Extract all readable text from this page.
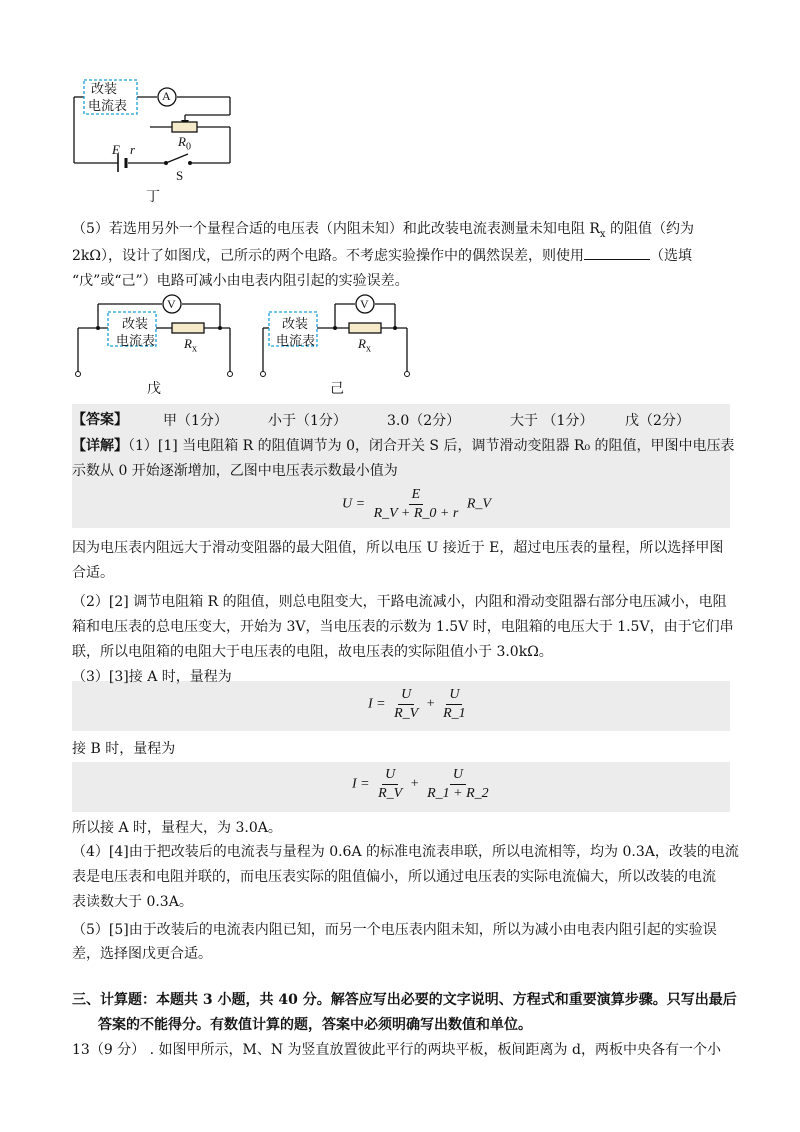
改装
电流表
A
$R_0$
E r
S
丁
（5）若选用另外一个量程合适的电压表（内阻未知）和此改装电流表测量未知电阻 $R_x$ 的阻值（约为
2kΩ），设计了如图戊，己所示的两个电路。不考虑实验操作中的偶然误差，则使用	（选填
“戊”或“己”）电路可减小由电表内阻引起的实验误差。
改装
电流表
V
$R_x$
戊
改装
电流表
V
$R_x$
己
【答案】	甲（1分）	小于（1分）	3.0（2分）	大于 （1分） 戊（2分）
【详解】（1）[1] 当电阻箱 R 的阻值调节为 0，闭合开关 S 后，调节滑动变阻器 R₀ 的阻值，甲图中电压表
示数从 0 开始逐渐增加，乙图中电压表示数最小值为
$U = \frac{E}{R\_V + R\_0 + r}$ R_V
因为电压表内阻远大于滑动变阻器的最大阻值，所以电压 U 接近于 E，超过电压表的量程，所以选择甲图
合适。
（2）[2] 调节电阻箱 R 的阻值，则总电阻变大，干路电流减小，内阻和滑动变阻器右部分电压减小，电阻
箱和电压表的总电压变大，开始为 3V，当电压表的示数为 1.5V 时，电阻箱的电压大于 1.5V，由于它们串
联，所以电阻箱的电阻大于电压表的电阻，故电压表的实际阻值小于 3.0kΩ。
（3）[3]接 A 时，量程为
$I = \frac{U}{R\_V} + \frac{U}{R\_1}$
接 B 时，量程为
$I = \frac{U}{R\_V} + \frac{U}{R\_1 + R\_2}$
所以接 A 时，量程大，为 3.0A。
（4）[4]由于把改装后的电流表与量程为 0.6A 的标准电流表串联，所以电流相等，均为 0.3A，改装的电流
表是电压表和电阻并联的，而电压表实际的阻值偏小，所以通过电压表的实际电流偏大，所以改装的电流
表读数大于 0.3A。
（5）[5]由于改装后的电流表内阻已知，而另一个电压表内阻未知，所以为减小由电表内阻引起的实验误
差，选择图戊更合适。
三、计算题：本题共 3 小题，共 40 分。解答应写出必要的文字说明、方程式和重要演算步骤。只写出最后
答案的不能得分。有数值计算的题，答案中必须明确写出数值和单位。
13（9 分） . 如图甲所示，M、N 为竖直放置彼此平行的两块平板，板间距离为 d，两板中央各有一个小
